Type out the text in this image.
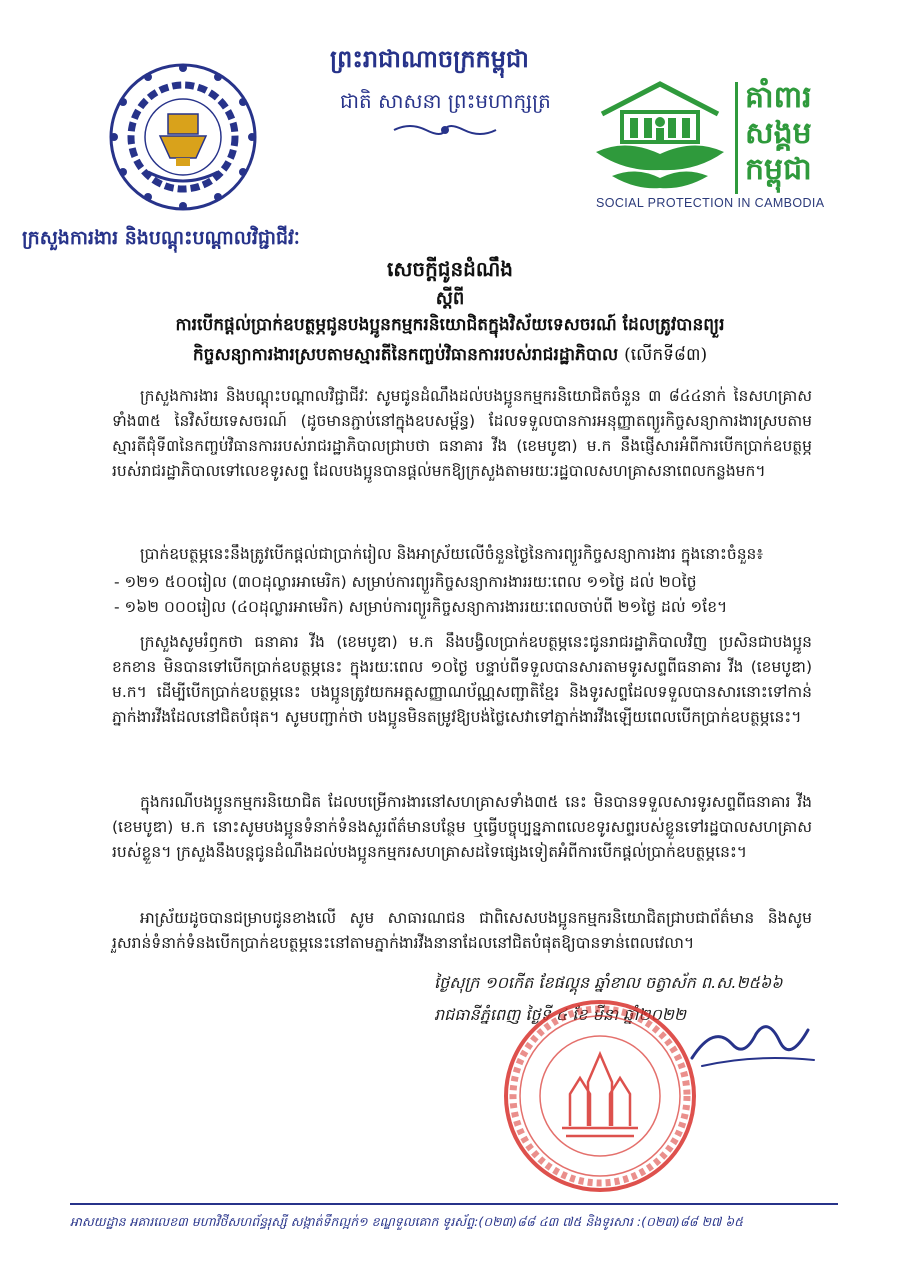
ក្រសួងការងារ និងបណ្តុះបណ្តាលវិជ្ជាជីវៈ
ព្រះរាជាណាចក្រកម្ពុជា
ជាតិ សាសនា ព្រះមហាក្សត្រ	គាំពារ
សង្គម
កម្ពុជា
SOCIAL PROTECTION IN CAMBODIA
សេចក្តីជូនដំណឹង
ស្តីពី
ការបើកផ្តល់ប្រាក់ឧបត្ថម្ភជូនបងប្អូនកម្មករនិយោជិតក្នុងវិស័យទេសចរណ៍ ដែលត្រូវបានព្យួរ
កិច្ចសន្យាការងារស្របតាមស្មារតីនៃកញ្ចប់វិធានការរបស់រាជរដ្ឋាភិបាល (លើកទី៨៣)
ក្រសួងការងារ និងបណ្តុះបណ្តាលវិជ្ជាជីវៈ សូមជូនដំណឹងដល់បងប្អូនកម្មករនិយោជិតចំនួន ៣ ៨៤៤នាក់ នៃសហគ្រាសទាំង៣៥ នៃវិស័យទេសចរណ៍ (ដូចមានភ្ជាប់នៅក្នុងឧបសម្ព័ន្ធ) ដែលទទួលបានការអនុញ្ញាតព្យួរកិច្ចសន្យាការងារស្របតាមស្មារតីជុំទី៣នៃកញ្ចប់វិធានការរបស់រាជរដ្ឋាភិបាលជ្រាបថា ធនាគារ វីង (ខេមបូឌា) ម.ក នឹងផ្ញើសារអំពីការបើកប្រាក់ឧបត្ថម្ភរបស់រាជរដ្ឋាភិបាលទៅលេខទូរសព្ទ ដែលបងប្អូនបានផ្តល់មកឱ្យក្រសួងតាមរយៈរដ្ឋបាលសហគ្រាសនាពេលកន្លងមក។
ប្រាក់ឧបត្ថម្ភនេះនឹងត្រូវបើកផ្តល់ជាប្រាក់រៀល និងអាស្រ័យលើចំនួនថ្ងៃនៃការព្យួរកិច្ចសន្យាការងារ ក្នុងនោះចំនួន៖
- ១២១ ៥០០រៀល (៣០ដុល្លារអាមេរិក) សម្រាប់ការព្យួរកិច្ចសន្យាការងាររយៈពេល ១១ថ្ងៃ ដល់ ២០ថ្ងៃ
- ១៦២ ០០០រៀល (៤០ដុល្លារអាមេរិក) សម្រាប់ការព្យួរកិច្ចសន្យាការងាររយៈពេលចាប់ពី ២១ថ្ងៃ ដល់ ១ខែ។
ក្រសួងសូមរំឭកថា ធនាគារ វីង (ខេមបូឌា) ម.ក នឹងបង្វិលប្រាក់ឧបត្ថម្ភនេះជូនរាជរដ្ឋាភិបាលវិញ ប្រសិនជាបងប្អូនខកខាន មិនបានទៅបើកប្រាក់ឧបត្ថម្ភនេះ ក្នុងរយៈពេល ១០ថ្ងៃ បន្ទាប់ពីទទួលបានសារតាមទូរសព្ទពីធនាគារ វីង (ខេមបូឌា) ម.ក។ ដើម្បីបើកប្រាក់ឧបត្ថម្ភនេះ បងប្អូនត្រូវយកអត្តសញ្ញាណប័ណ្ណសញ្ជាតិខ្មែរ និងទូរសព្ទដែលទទួលបានសារនោះទៅកាន់ភ្នាក់ងារវីងដែលនៅជិតបំផុត។ សូមបញ្ជាក់ថា បងប្អូនមិនតម្រូវឱ្យបង់ថ្លៃសេវាទៅភ្នាក់ងារវីងឡើយពេលបើកប្រាក់ឧបត្ថម្ភនេះ។
ក្នុងករណីបងប្អូនកម្មករនិយោជិត ដែលបម្រើការងារនៅសហគ្រាសទាំង៣៥ នេះ មិនបានទទួលសារទូរសព្ទពីធនាគារ វីង (ខេមបូឌា) ម.ក នោះសូមបងប្អូនទំនាក់ទំនងសួរព័ត៌មានបន្ថែម ឬធ្វើបច្ចុប្បន្នភាពលេខទូរសព្ទរបស់ខ្លួនទៅរដ្ឋបាលសហគ្រាសរបស់ខ្លួន។ ក្រសួងនឹងបន្តជូនដំណឹងដល់បងប្អូនកម្មករសហគ្រាសដទៃផ្សេងទៀតអំពីការបើកផ្តល់ប្រាក់ឧបត្ថម្ភនេះ។
អាស្រ័យដូចបានជម្រាបជូនខាងលើ សូម សាធារណជន ជាពិសេសបងប្អូនកម្មករនិយោជិតជ្រាបជាព័ត៌មាន និងសូមរួសរាន់ទំនាក់ទំនងបើកប្រាក់ឧបត្ថម្ភនេះនៅតាមភ្នាក់ងារវីងនានាដែលនៅជិតបំផុតឱ្យបានទាន់ពេលវេលា។
ថ្ងៃសុក្រ ១០កើត ខែផល្គុន ឆ្នាំខាល ចត្វាស័ក ព.ស.២៥៦៦
រាជធានីភ្នំពេញ ថ្ងៃទី ៤ ខែ មីនា ឆ្នាំ២០២២
អាសយដ្ឋាន អគារលេខ៣ មហាវិថីសហព័ន្ធរុស្សី សង្កាត់ទឹកល្អក់១ ខណ្ឌទួលគោក ទូរស័ព្ទ:(០២៣)៨៨ ៤៣ ៧៥ និងទូរសារ :(០២៣)៨៨ ២៧ ៦៥
